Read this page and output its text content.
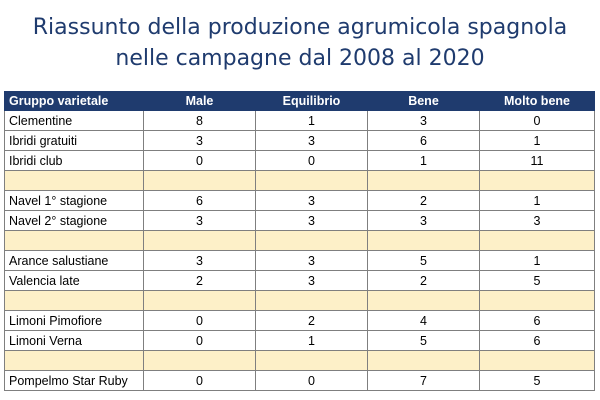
Riassunto della produzione agrumicola spagnola
nelle campagne dal 2008 al 2020
Gruppo varietale	Male	Equilibrio	Bene	Molto bene
Clementine	8	1	3	0
Ibridi gratuiti	3	3	6	1
Ibridi club	0	0	1	11

Navel 1° stagione	6	3	2	1
Navel 2° stagione	3	3	3	3

Arance salustiane	3	3	5	1
Valencia late	2	3	2	5

Limoni Pimofiore	0	2	4	6
Limoni Verna	0	1	5	6

Pompelmo Star Ruby	0	0	7	5
